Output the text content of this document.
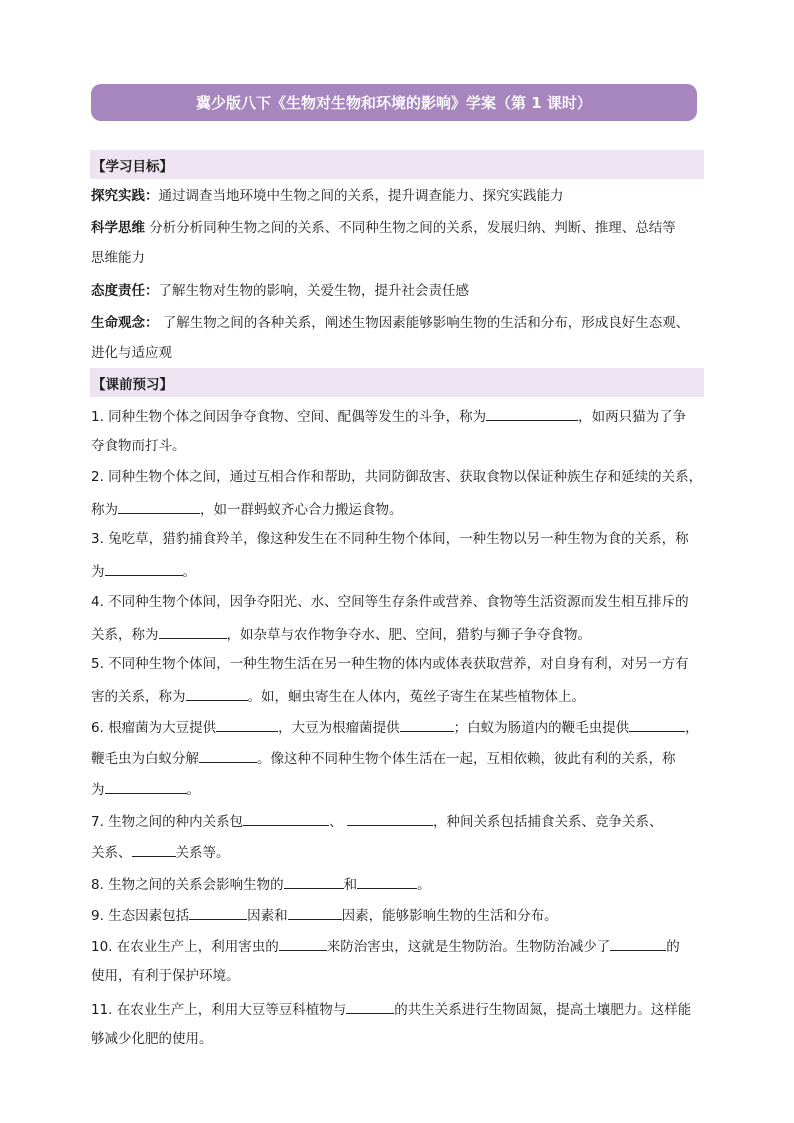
冀少版八下《生物对生物和环境的影响》学案（第 1 课时）
【学习目标】
探究实践：通过调查当地环境中生物之间的关系，提升调查能力、探究实践能力
科学思维 分析分析同种生物之间的关系、不同种生物之间的关系，发展归纳、判断、推理、总结等
思维能力
态度责任：了解生物对生物的影响，关爱生物，提升社会责任感
生命观念： 了解生物之间的各种关系，阐述生物因素能够影响生物的生活和分布，形成良好生态观、
进化与适应观
【课前预习】
1. 同种生物个体之间因争夺食物、空间、配偶等发生的斗争，称为	，如两只猫为了争
夺食物而打斗。
2. 同种生物个体之间，通过互相合作和帮助，共同防御敌害、获取食物以保证种族生存和延续的关系，
称为	，如一群蚂蚁齐心合力搬运食物。
3. 兔吃草，猎豹捕食羚羊，像这种发生在不同种生物个体间，一种生物以另一种生物为食的关系，称
为	。
4. 不同种生物个体间，因争夺阳光、水、空间等生存条件或营养、食物等生活资源而发生相互排斥的
关系，称为	，如杂草与农作物争夺水、肥、空间，猎豹与狮子争夺食物。
5. 不同种生物个体间，一种生物生活在另一种生物的体内或体表获取营养，对自身有利，对另一方有
害的关系，称为	。如，蛔虫寄生在人体内，菟丝子寄生在某些植物体上。
6. 根瘤菌为大豆提供	，大豆为根瘤菌提供	；白蚁为肠道内的鞭毛虫提供	，
鞭毛虫为白蚁分解	。像这种不同种生物个体生活在一起，互相依赖，彼此有利的关系，称
为	。
7. 生物之间的种内关系包	、	，种间关系包括捕食关系、竞争关系、
关系、	关系等。
8. 生物之间的关系会影响生物的	和	。
9. 生态因素包括	因素和	因素，能够影响生物的生活和分布。
10. 在农业生产上，利用害虫的	来防治害虫，这就是生物防治。生物防治减少了	的
使用，有利于保护环境。
11. 在农业生产上，利用大豆等豆科植物与	的共生关系进行生物固氮，提高土壤肥力。这样能
够减少化肥的使用。
